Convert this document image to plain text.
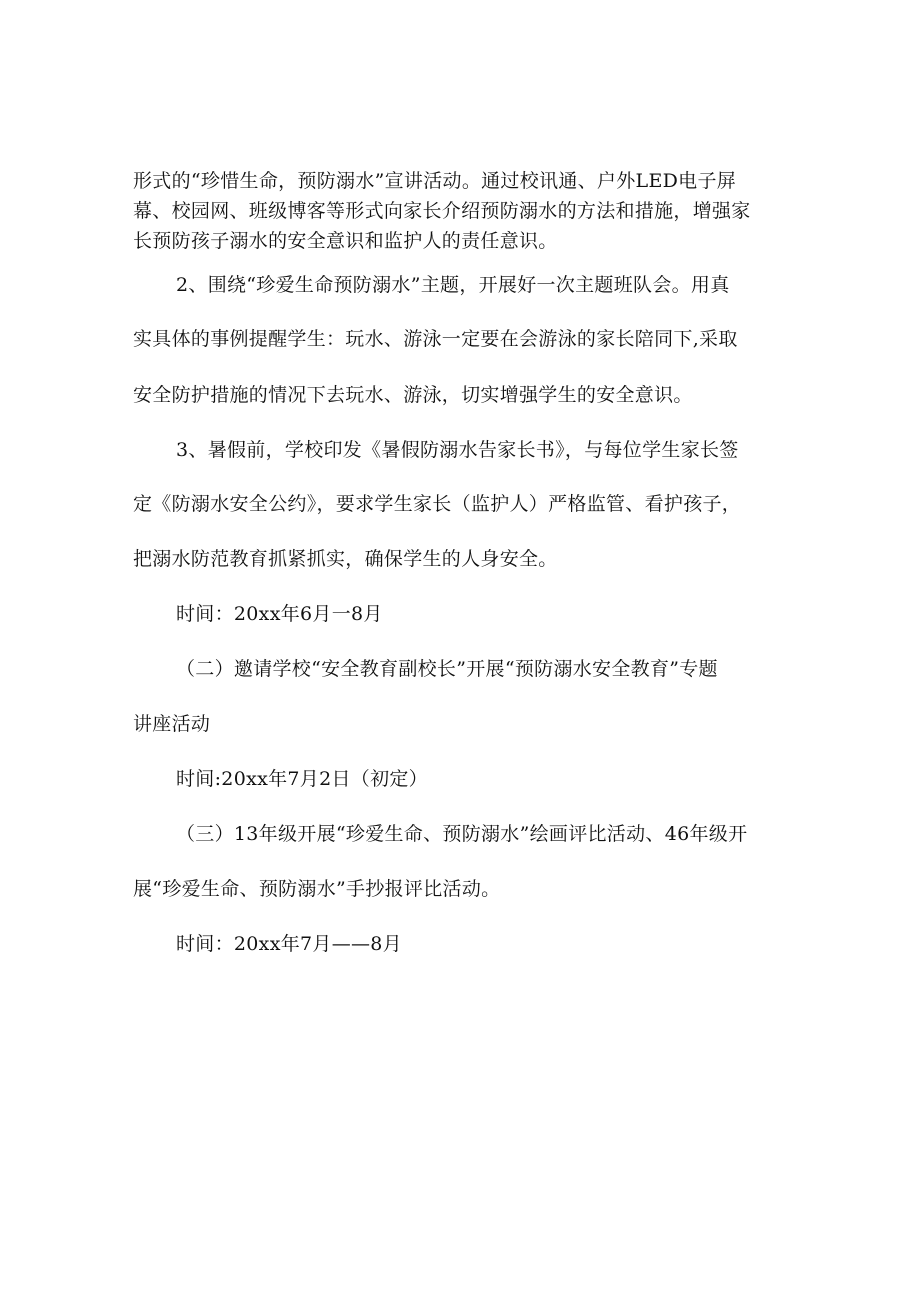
形式的“珍惜生命，预防溺水”宣讲活动。通过校讯通、户外LED电子屏
幕、校园网、班级博客等形式向家长介绍预防溺水的方法和措施，增强家
长预防孩子溺水的安全意识和监护人的责任意识。
2、围绕“珍爱生命预防溺水”主题，开展好一次主题班队会。用真
实具体的事例提醒学生：玩水、游泳一定要在会游泳的家长陪同下,采取
安全防护措施的情况下去玩水、游泳，切实增强学生的安全意识。
3、暑假前，学校印发《暑假防溺水告家长书》，与每位学生家长签
定《防溺水安全公约》，要求学生家长（监护人）严格监管、看护孩子，
把溺水防范教育抓紧抓实，确保学生的人身安全。
时间：20xx年6月一8月
（二）邀请学校“安全教育副校长”开展“预防溺水安全教育”专题
讲座活动
时间:20xx年7月2日（初定）
（三）13年级开展“珍爱生命、预防溺水”绘画评比活动、46年级开
展“珍爱生命、预防溺水”手抄报评比活动。
时间：20xx年7月——8月
